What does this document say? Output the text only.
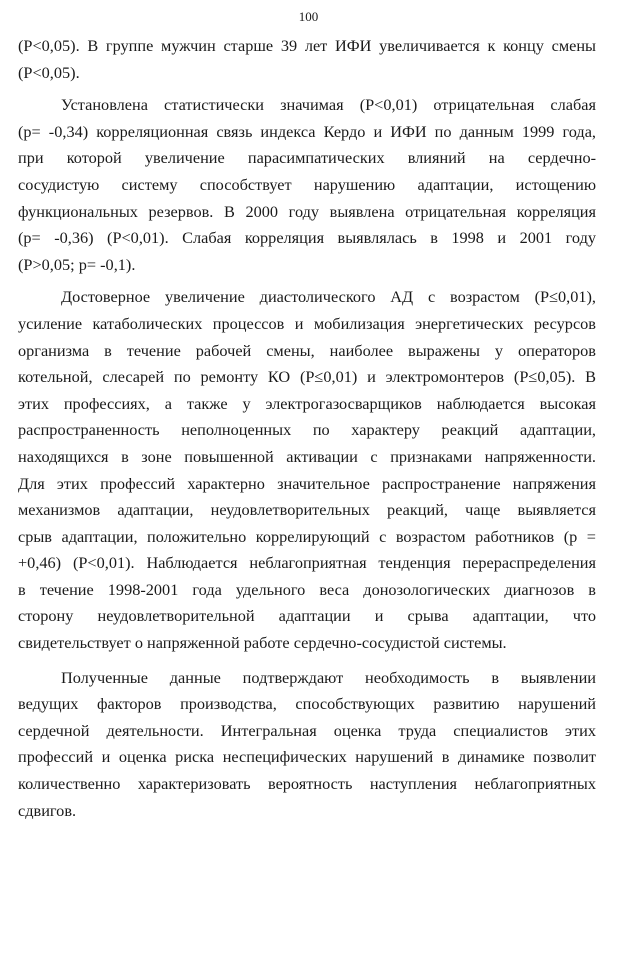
100
(Р<0,05). В группе мужчин старше 39 лет ИФИ увеличивается к концу смены
(Р<0,05).
Установлена статистически значимая (Р<0,01) отрицательная слабая
(р= -0,34) корреляционная связь индекса Кердо и ИФИ по данным 1999 года,
при которой увеличение парасимпатических влияний на сердечно-
сосудистую систему способствует нарушению адаптации, истощению
функциональных резервов. В 2000 году выявлена отрицательная корреляция
(р= -0,36) (Р<0,01). Слабая корреляция выявлялась в 1998 и 2001 году
(Р>0,05; р= -0,1).
Достоверное увеличение диастолического АД с возрастом (Р≤0,01),
усиление катаболических процессов и мобилизация энергетических ресурсов
организма в течение рабочей смены, наиболее выражены у операторов
котельной, слесарей по ремонту КО (Р≤0,01) и электромонтеров (Р≤0,05). В
этих профессиях, а также у электрогазосварщиков наблюдается высокая
распространенность неполноценных по характеру реакций адаптации,
находящихся в зоне повышенной активации с признаками напряженности.
Для этих профессий характерно значительное распространение напряжения
механизмов адаптации, неудовлетворительных реакций, чаще выявляется
срыв адаптации, положительно коррелирующий с возрастом работников (р =
+0,46) (Р<0,01). Наблюдается неблагоприятная тенденция перераспределения
в течение 1998-2001 года удельного веса донозологических диагнозов в
сторону неудовлетворительной адаптации и срыва адаптации, что
свидетельствует о напряженной работе сердечно-сосудистой системы.
Полученные данные подтверждают необходимость в выявлении
ведущих факторов производства, способствующих развитию нарушений
сердечной деятельности. Интегральная оценка труда специалистов этих
профессий и оценка риска неспецифических нарушений в динамике позволит
количественно характеризовать вероятность наступления неблагоприятных
сдвигов.
